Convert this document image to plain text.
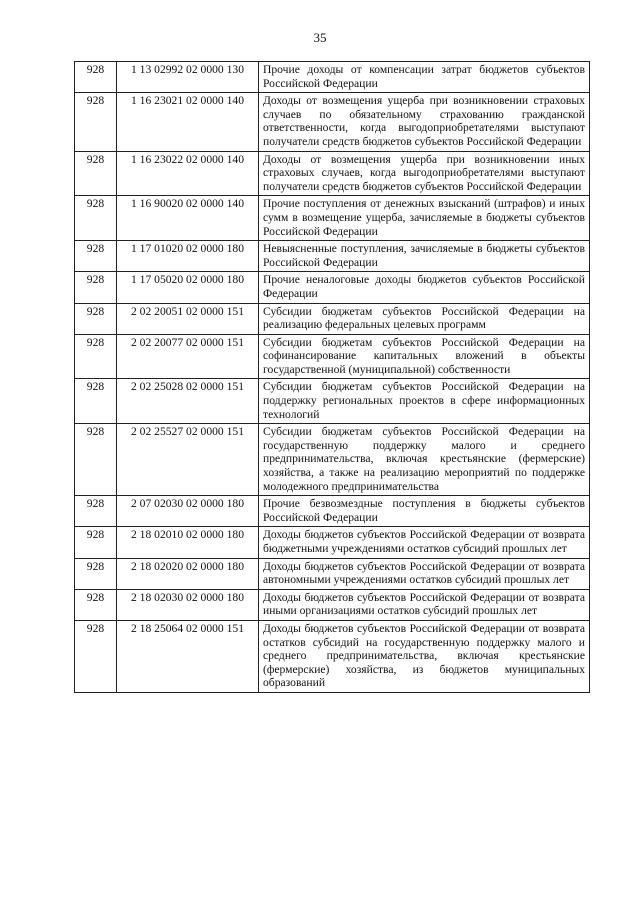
35
928	1 13 02992 02 0000 130	Прочие доходы от компенсации затрат бюджетов субъектов Российской Федерации
928	1 16 23021 02 0000 140	Доходы от возмещения ущерба при возникновении страховых случаев по обязательному страхованию гражданской ответственности, когда выгодоприобретателями выступают получатели средств бюджетов субъектов Российской Федерации
928	1 16 23022 02 0000 140	Доходы от возмещения ущерба при возникновении иных страховых случаев, когда выгодоприобретателями выступают получатели средств бюджетов субъектов Российской Федерации
928	1 16 90020 02 0000 140	Прочие поступления от денежных взысканий (штрафов) и иных сумм в возмещение ущерба, зачисляемые в бюджеты субъектов Российской Федерации
928	1 17 01020 02 0000 180	Невыясненные поступления, зачисляемые в бюджеты субъектов Российской Федерации
928	1 17 05020 02 0000 180	Прочие неналоговые доходы бюджетов субъектов Российской Федерации
928	2 02 20051 02 0000 151	Субсидии бюджетам субъектов Российской Федерации на реализацию федеральных целевых программ
928	2 02 20077 02 0000 151	Субсидии бюджетам субъектов Российской Федерации на софинансирование капитальных вложений в объекты государственной (муниципальной) собственности
928	2 02 25028 02 0000 151	Субсидии бюджетам субъектов Российской Федерации на поддержку региональных проектов в сфере информационных технологий
928	2 02 25527 02 0000 151	Субсидии бюджетам субъектов Российской Федерации на государственную поддержку малого и среднего предпринимательства, включая крестьянские (фермерские) хозяйства, а также на реализацию мероприятий по поддержке молодежного предпринимательства
928	2 07 02030 02 0000 180	Прочие безвозмездные поступления в бюджеты субъектов Российской Федерации
928	2 18 02010 02 0000 180	Доходы бюджетов субъектов Российской Федерации от возврата бюджетными учреждениями остатков субсидий прошлых лет
928	2 18 02020 02 0000 180	Доходы бюджетов субъектов Российской Федерации от возврата автономными учреждениями остатков субсидий прошлых лет
928	2 18 02030 02 0000 180	Доходы бюджетов субъектов Российской Федерации от возврата иными организациями остатков субсидий прошлых лет
928	2 18 25064 02 0000 151	Доходы бюджетов субъектов Российской Федерации от возврата остатков субсидий на государственную поддержку малого и среднего предпринимательства, включая крестьянские (фермерские) хозяйства, из бюджетов муниципальных образований
